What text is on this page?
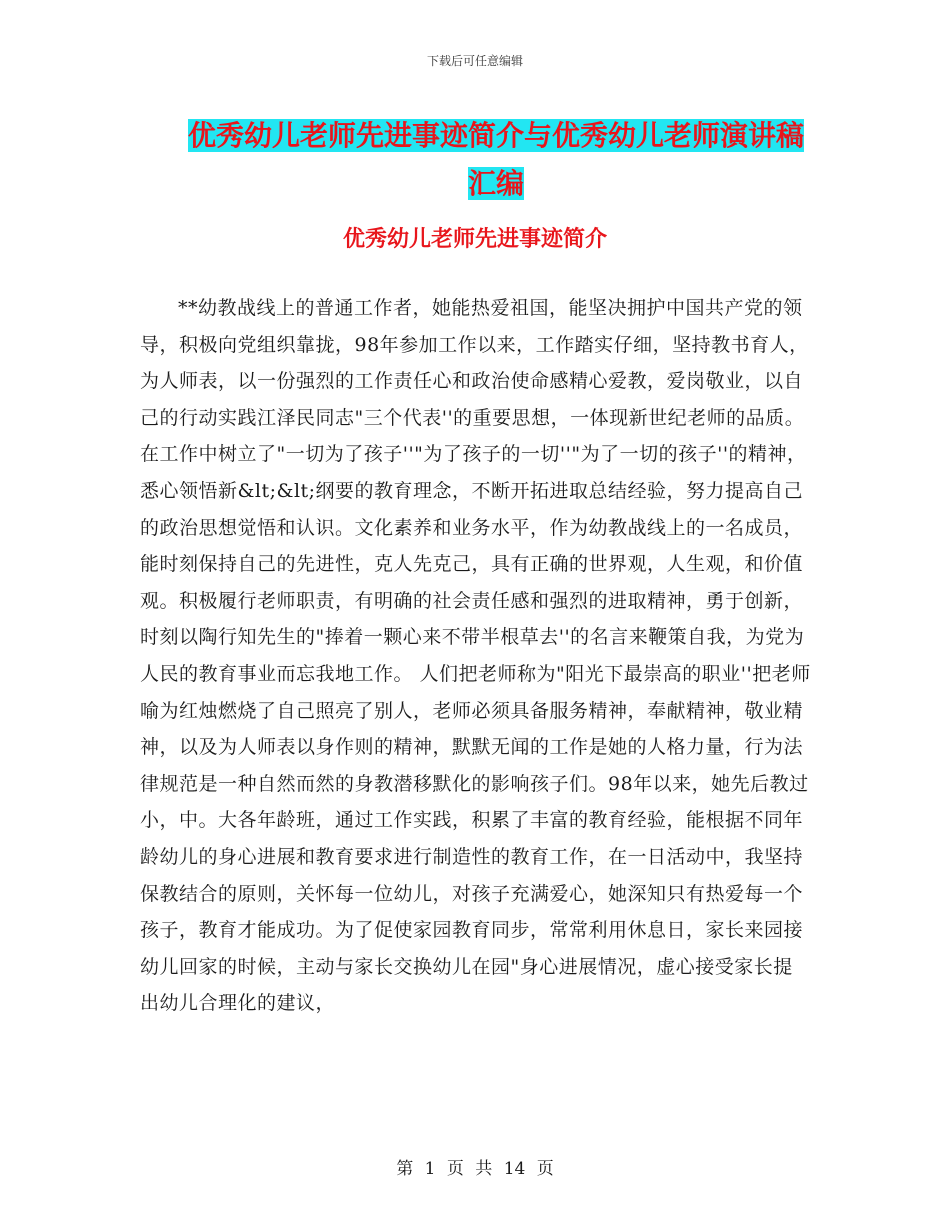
下载后可任意编辑
优秀幼儿老师先进事迹简介与优秀幼儿老师演讲稿汇编
优秀幼儿老师先进事迹简介

**幼教战线上的普通工作者，她能热爱祖国，能坚决拥护中国共产党的领导，积极向党组织靠拢，98年参加工作以来，工作踏实仔细，坚持教书育人，为人师表，以一份强烈的工作责任心和政治使命感精心爱教，爱岗敬业，以自己的行动实践江泽民同志"三个代表''的重要思想，一体现新世纪老师的品质。在工作中树立了"一切为了孩子''"为了孩子的一切''"为了一切的孩子''的精神，悉心领悟新&lt;&lt;纲要的教育理念，不断开拓进取总结经验，努力提高自己的政治思想觉悟和认识。文化素养和业务水平，作为幼教战线上的一名成员，能时刻保持自己的先进性，克人先克己，具有正确的世界观，人生观，和价值观。积极履行老师职责，有明确的社会责任感和强烈的进取精神，勇于创新，时刻以陶行知先生的"捧着一颗心来不带半根草去''的名言来鞭策自我，为党为人民的教育事业而忘我地工作。 人们把老师称为"阳光下最崇高的职业''把老师喻为红烛燃烧了自己照亮了别人，老师必须具备服务精神，奉献精神，敬业精神，以及为人师表以身作则的精神，默默无闻的工作是她的人格力量，行为法律规范是一种自然而然的身教潜移默化的影响孩子们。98年以来，她先后教过小，中。大各年龄班，通过工作实践，积累了丰富的教育经验，能根据不同年龄幼儿的身心进展和教育要求进行制造性的教育工作，在一日活动中，我坚持保教结合的原则，关怀每一位幼儿，对孩子充满爱心，她深知只有热爱每一个孩子，教育才能成功。为了促使家园教育同步，常常利用休息日，家长来园接幼儿回家的时候，主动与家长交换幼儿在园"身心进展情况，虚心接受家长提出幼儿合理化的建议，

第 1 页 共 14 页
